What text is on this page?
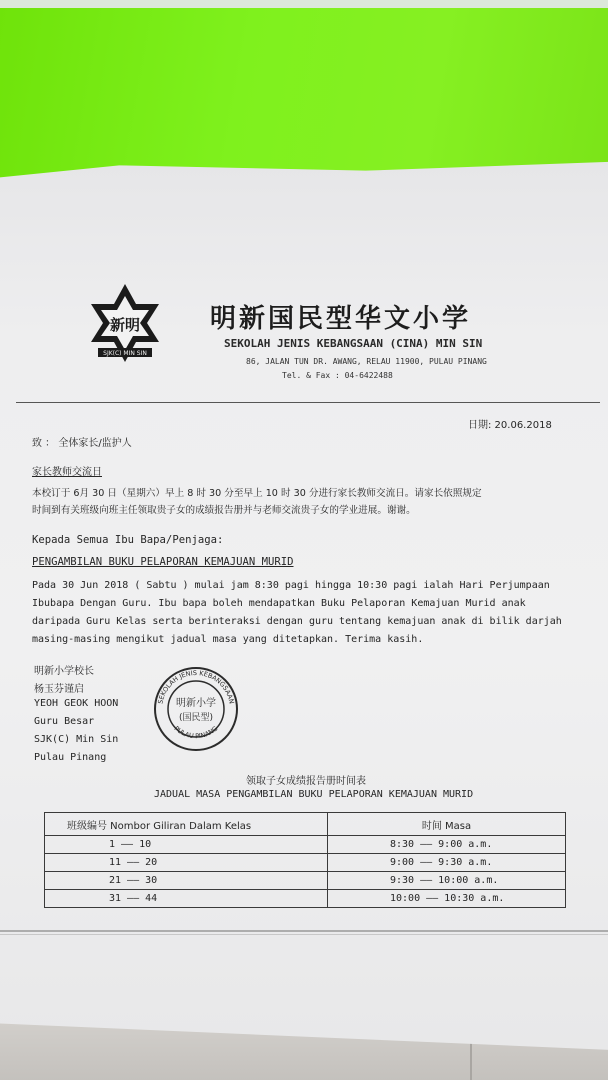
新明
SJK(C) MIN SIN
明新国民型华文小学
SEKOLAH JENIS KEBANGSAAN (CINA) MIN SIN
86, JALAN TUN DR. AWANG, RELAU 11900, PULAU PINANG
Tel. & Fax : 04-6422488
日期: 20.06.2018
致 ： 全体家长/监护人
家长教师交流日
本校订于 6月 30 日（星期六）早上 8 时 30 分至早上 10 时 30 分进行家长教师交流日。请家长依照规定
时间到有关班级向班主任领取贵子女的成绩报告册并与老师交流贵子女的学业进展。谢谢。
Kepada Semua Ibu Bapa/Penjaga:
PENGAMBILAN BUKU PELAPORAN KEMAJUAN MURID
Pada 30 Jun 2018 ( Sabtu ) mulai jam 8:30 pagi hingga 10:30 pagi ialah Hari Perjumpaan
Ibubapa Dengan Guru. Ibu bapa boleh mendapatkan Buku Pelaporan Kemajuan Murid anak
daripada Guru Kelas serta berinteraksi dengan guru tentang kemajuan anak di bilik darjah
masing-masing mengikut jadual masa yang ditetapkan. Terima kasih.
明新小学校长
杨玉芬谨启
YEOH GEOK HOON
Guru Besar
SJK(C) Min Sin
Pulau Pinang
SEKOLAH JENIS KEBANGSAAN
PULAU PINANG
明新小学
(国民型)
领取子女成绩报告册时间表
JADUAL MASA PENGAMBILAN BUKU PELAPORAN KEMAJUAN MURID
班级编号 Nombor Giliran Dalam Kelas	时间 Masa
1 —— 10	8:30 —— 9:00 a.m.
11 —— 20	9:00 —— 9:30 a.m.
21 —— 30	9:30 —— 10:00 a.m.
31 —— 44	10:00 —— 10:30 a.m.
